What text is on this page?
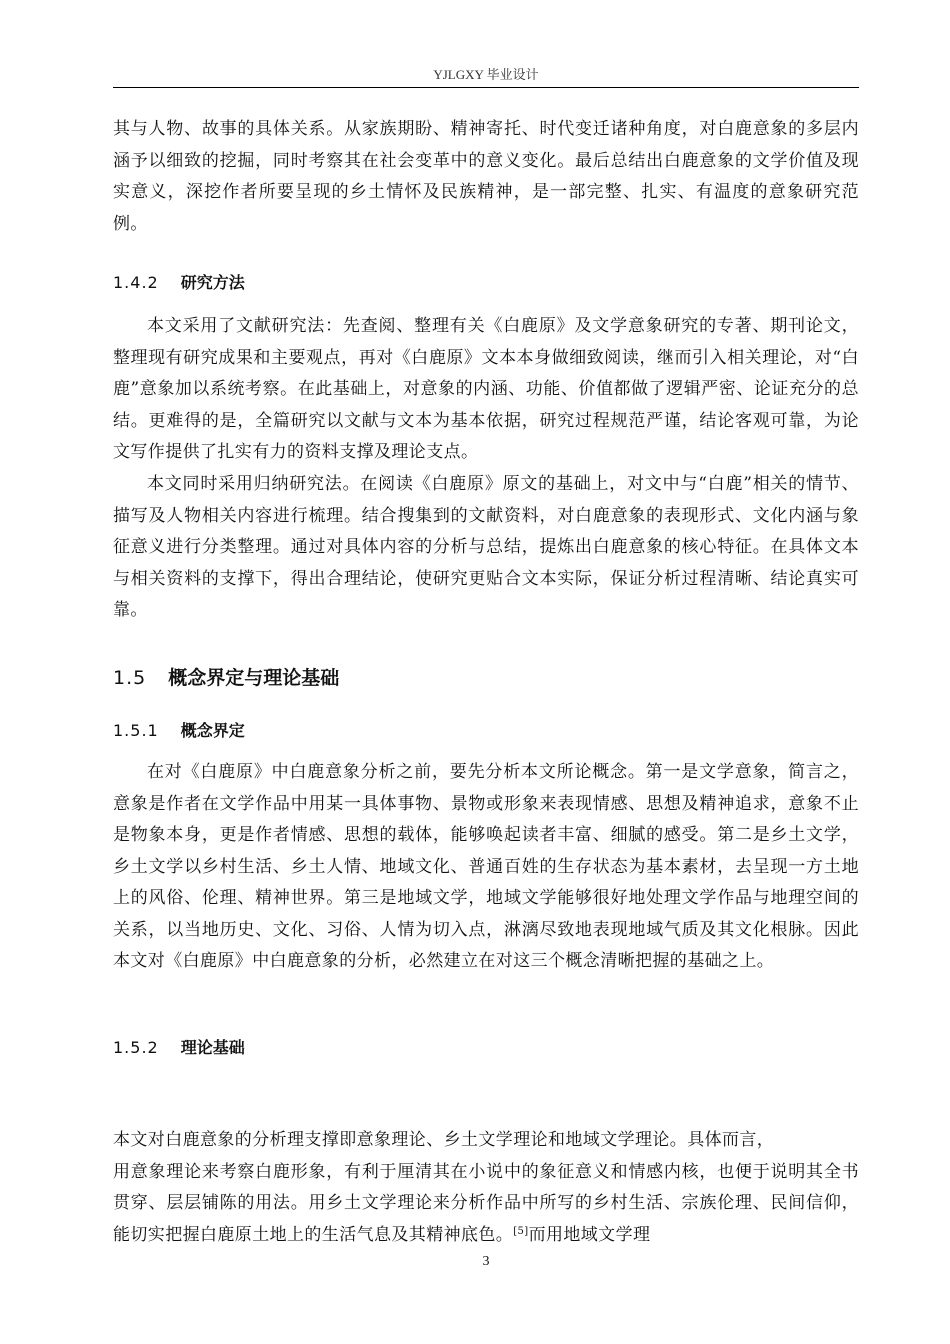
YJLGXY 毕业设计

其与人物、故事的具体关系。从家族期盼、精神寄托、时代变迁诸种角度，对白鹿意象的多层内涵予以细致的挖掘，同时考察其在社会变革中的意义变化。最后总结出白鹿意象的文学价值及现实意义，深挖作者所要呈现的乡土情怀及民族精神，是一部完整、扎实、有温度的意象研究范例。

1.4.2 研究方法

本文采用了文献研究法：先查阅、整理有关《白鹿原》及文学意象研究的专著、期刊论文，整理现有研究成果和主要观点，再对《白鹿原》文本本身做细致阅读，继而引入相关理论，对“白鹿”意象加以系统考察。在此基础上，对意象的内涵、功能、价值都做了逻辑严密、论证充分的总结。更难得的是，全篇研究以文献与文本为基本依据，研究过程规范严谨，结论客观可靠，为论文写作提供了扎实有力的资料支撑及理论支点。

本文同时采用归纳研究法。在阅读《白鹿原》原文的基础上，对文中与“白鹿”相关的情节、描写及人物相关内容进行梳理。结合搜集到的文献资料，对白鹿意象的表现形式、文化内涵与象征意义进行分类整理。通过对具体内容的分析与总结，提炼出白鹿意象的核心特征。在具体文本与相关资料的支撑下，得出合理结论，使研究更贴合文本实际，保证分析过程清晰、结论真实可靠。

1.5 概念界定与理论基础
1.5.1 概念界定

在对《白鹿原》中白鹿意象分析之前，要先分析本文所论概念。第一是文学意象，简言之，意象是作者在文学作品中用某一具体事物、景物或形象来表现情感、思想及精神追求，意象不止是物象本身，更是作者情感、思想的载体，能够唤起读者丰富、细腻的感受。第二是乡土文学，乡土文学以乡村生活、乡土人情、地域文化、普通百姓的生存状态为基本素材，去呈现一方土地上的风俗、伦理、精神世界。第三是地域文学，地域文学能够很好地处理文学作品与地理空间的关系，以当地历史、文化、习俗、人情为切入点，淋漓尽致地表现地域气质及其文化根脉。因此本文对《白鹿原》中白鹿意象的分析，必然建立在对这三个概念清晰把握的基础之上。

1.5.2 理论基础

本文对白鹿意象的分析理支撑即意象理论、乡土文学理论和地域文学理论。具体而言，
用意象理论来考察白鹿形象，有利于厘清其在小说中的象征意义和情感内核，也便于说明其全书贯穿、层层铺陈的用法。用乡土文学理论来分析作品中所写的乡村生活、宗族伦理、民间信仰，能切实把握白鹿原土地上的生活气息及其精神底色。[5]而用地域文学理

3
